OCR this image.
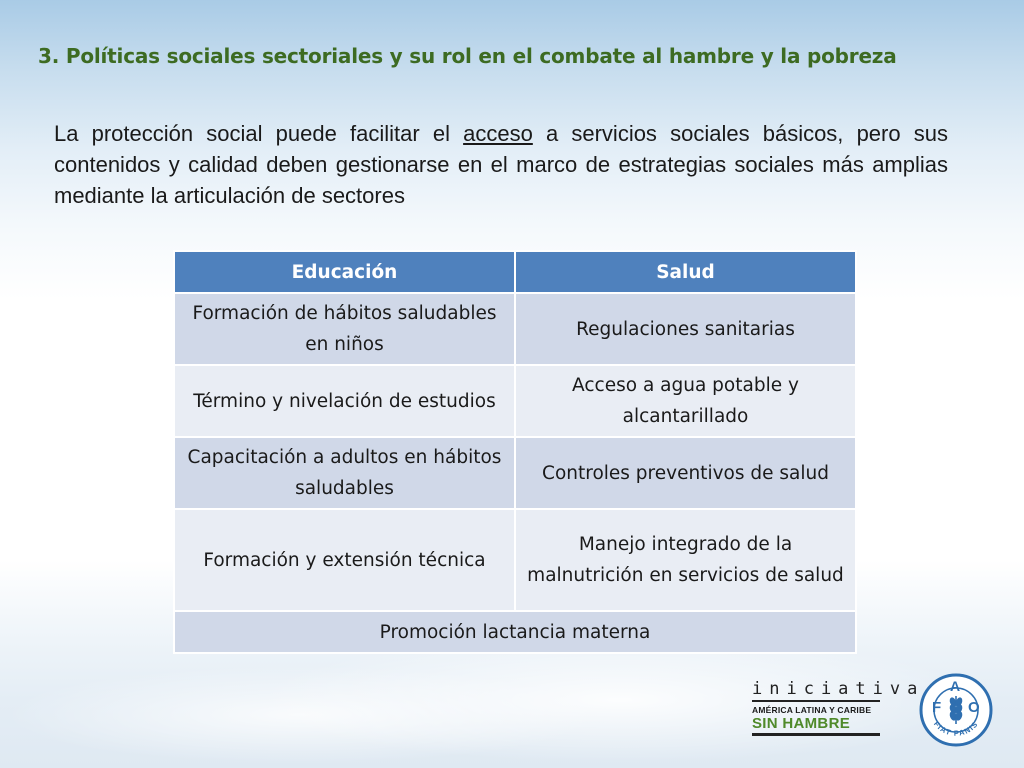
3. Políticas sociales sectoriales y su rol en el combate al hambre y la pobreza

La protección social puede facilitar el acceso a servicios sociales básicos, pero sus contenidos y calidad deben gestionarse en el marco de estrategias sociales más amplias mediante la articulación de sectores

Educación	Salud
Formación de hábitos saludables en niños	Regulaciones sanitarias
Término y nivelación de estudios	Acceso a agua potable y alcantarillado
Capacitación a adultos en hábitos saludables	Controles preventivos de salud
Formación y extensión técnica	Manejo integrado de la malnutrición en servicios de salud
Promoción lactancia materna	
iniciativa
AMÉRICA LATINA Y CARIBE
SIN HAMBRE
F
A
O
FIAT PANIS
